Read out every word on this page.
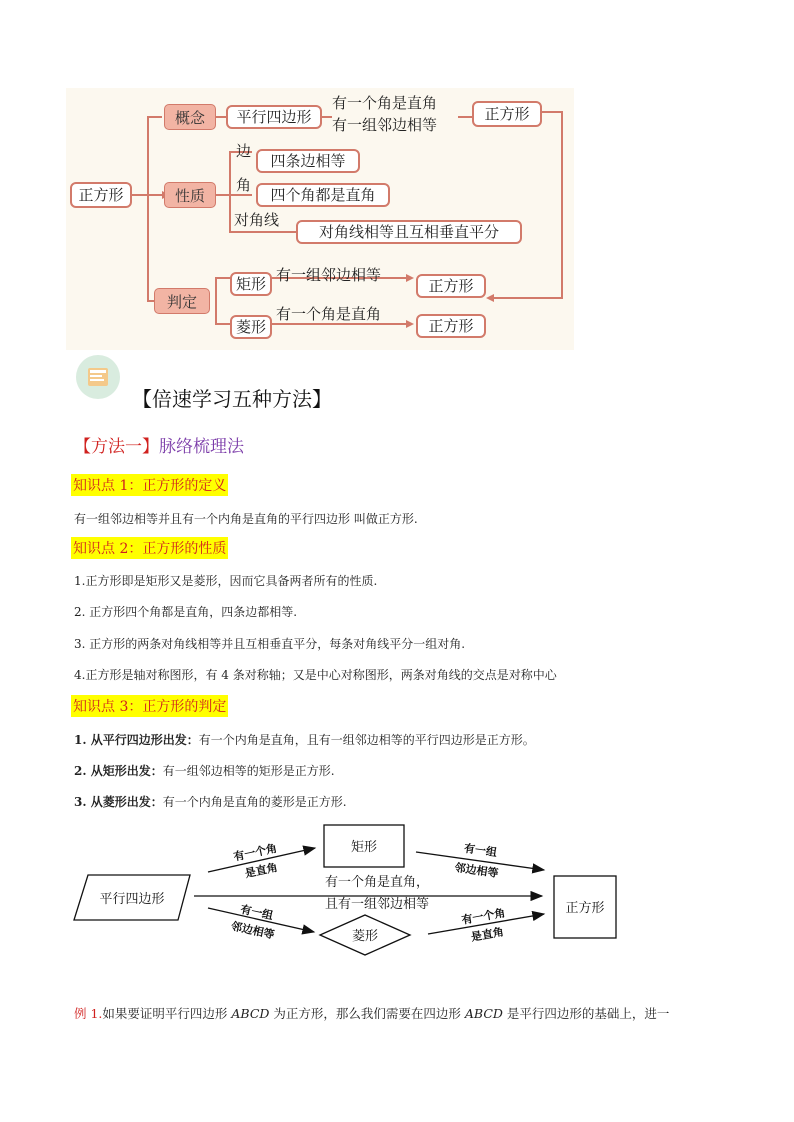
正方形
概念
性质
判定
平行四边形
有一个角是直角
有一组邻边相等
正方形
边
四条边相等
角
四个角都是直角
对角线
对角线相等且互相垂直平分
矩形 有一组邻边相等
正方形
菱形
有一个角是直角
正方形
【倍速学习五种方法】
【方法一】脉络梳理法
知识点 1：正方形的定义
有一组邻边相等并且有一个内角是直角的平行四边形 叫做正方形.
知识点 2：正方形的性质
1.正方形即是矩形又是菱形，因而它具备两者所有的性质.
2. 正方形四个角都是直角，四条边都相等.
3. 正方形的两条对角线相等并且互相垂直平分，每条对角线平分一组对角.
4.正方形是轴对称图形，有 4 条对称轴；又是中心对称图形，两条对角线的交点是对称中心
知识点 3：正方形的判定
1. 从平行四边形出发：有一个内角是直角，且有一组邻边相等的平行四边形是正方形。
2. 从矩形出发：有一组邻边相等的矩形是正方形.
3. 从菱形出发：有一个内角是直角的菱形是正方形.
平行四边形
矩形
菱形
正方形
有一个角是直角，
且有一组邻边相等
有一个角
是直角
有一组
邻边相等
有一组
邻边相等
有一个角
是直角
例 1.如果要证明平行四边形 ABCD 为正方形，那么我们需要在四边形 ABCD 是平行四边形的基础上，进一
